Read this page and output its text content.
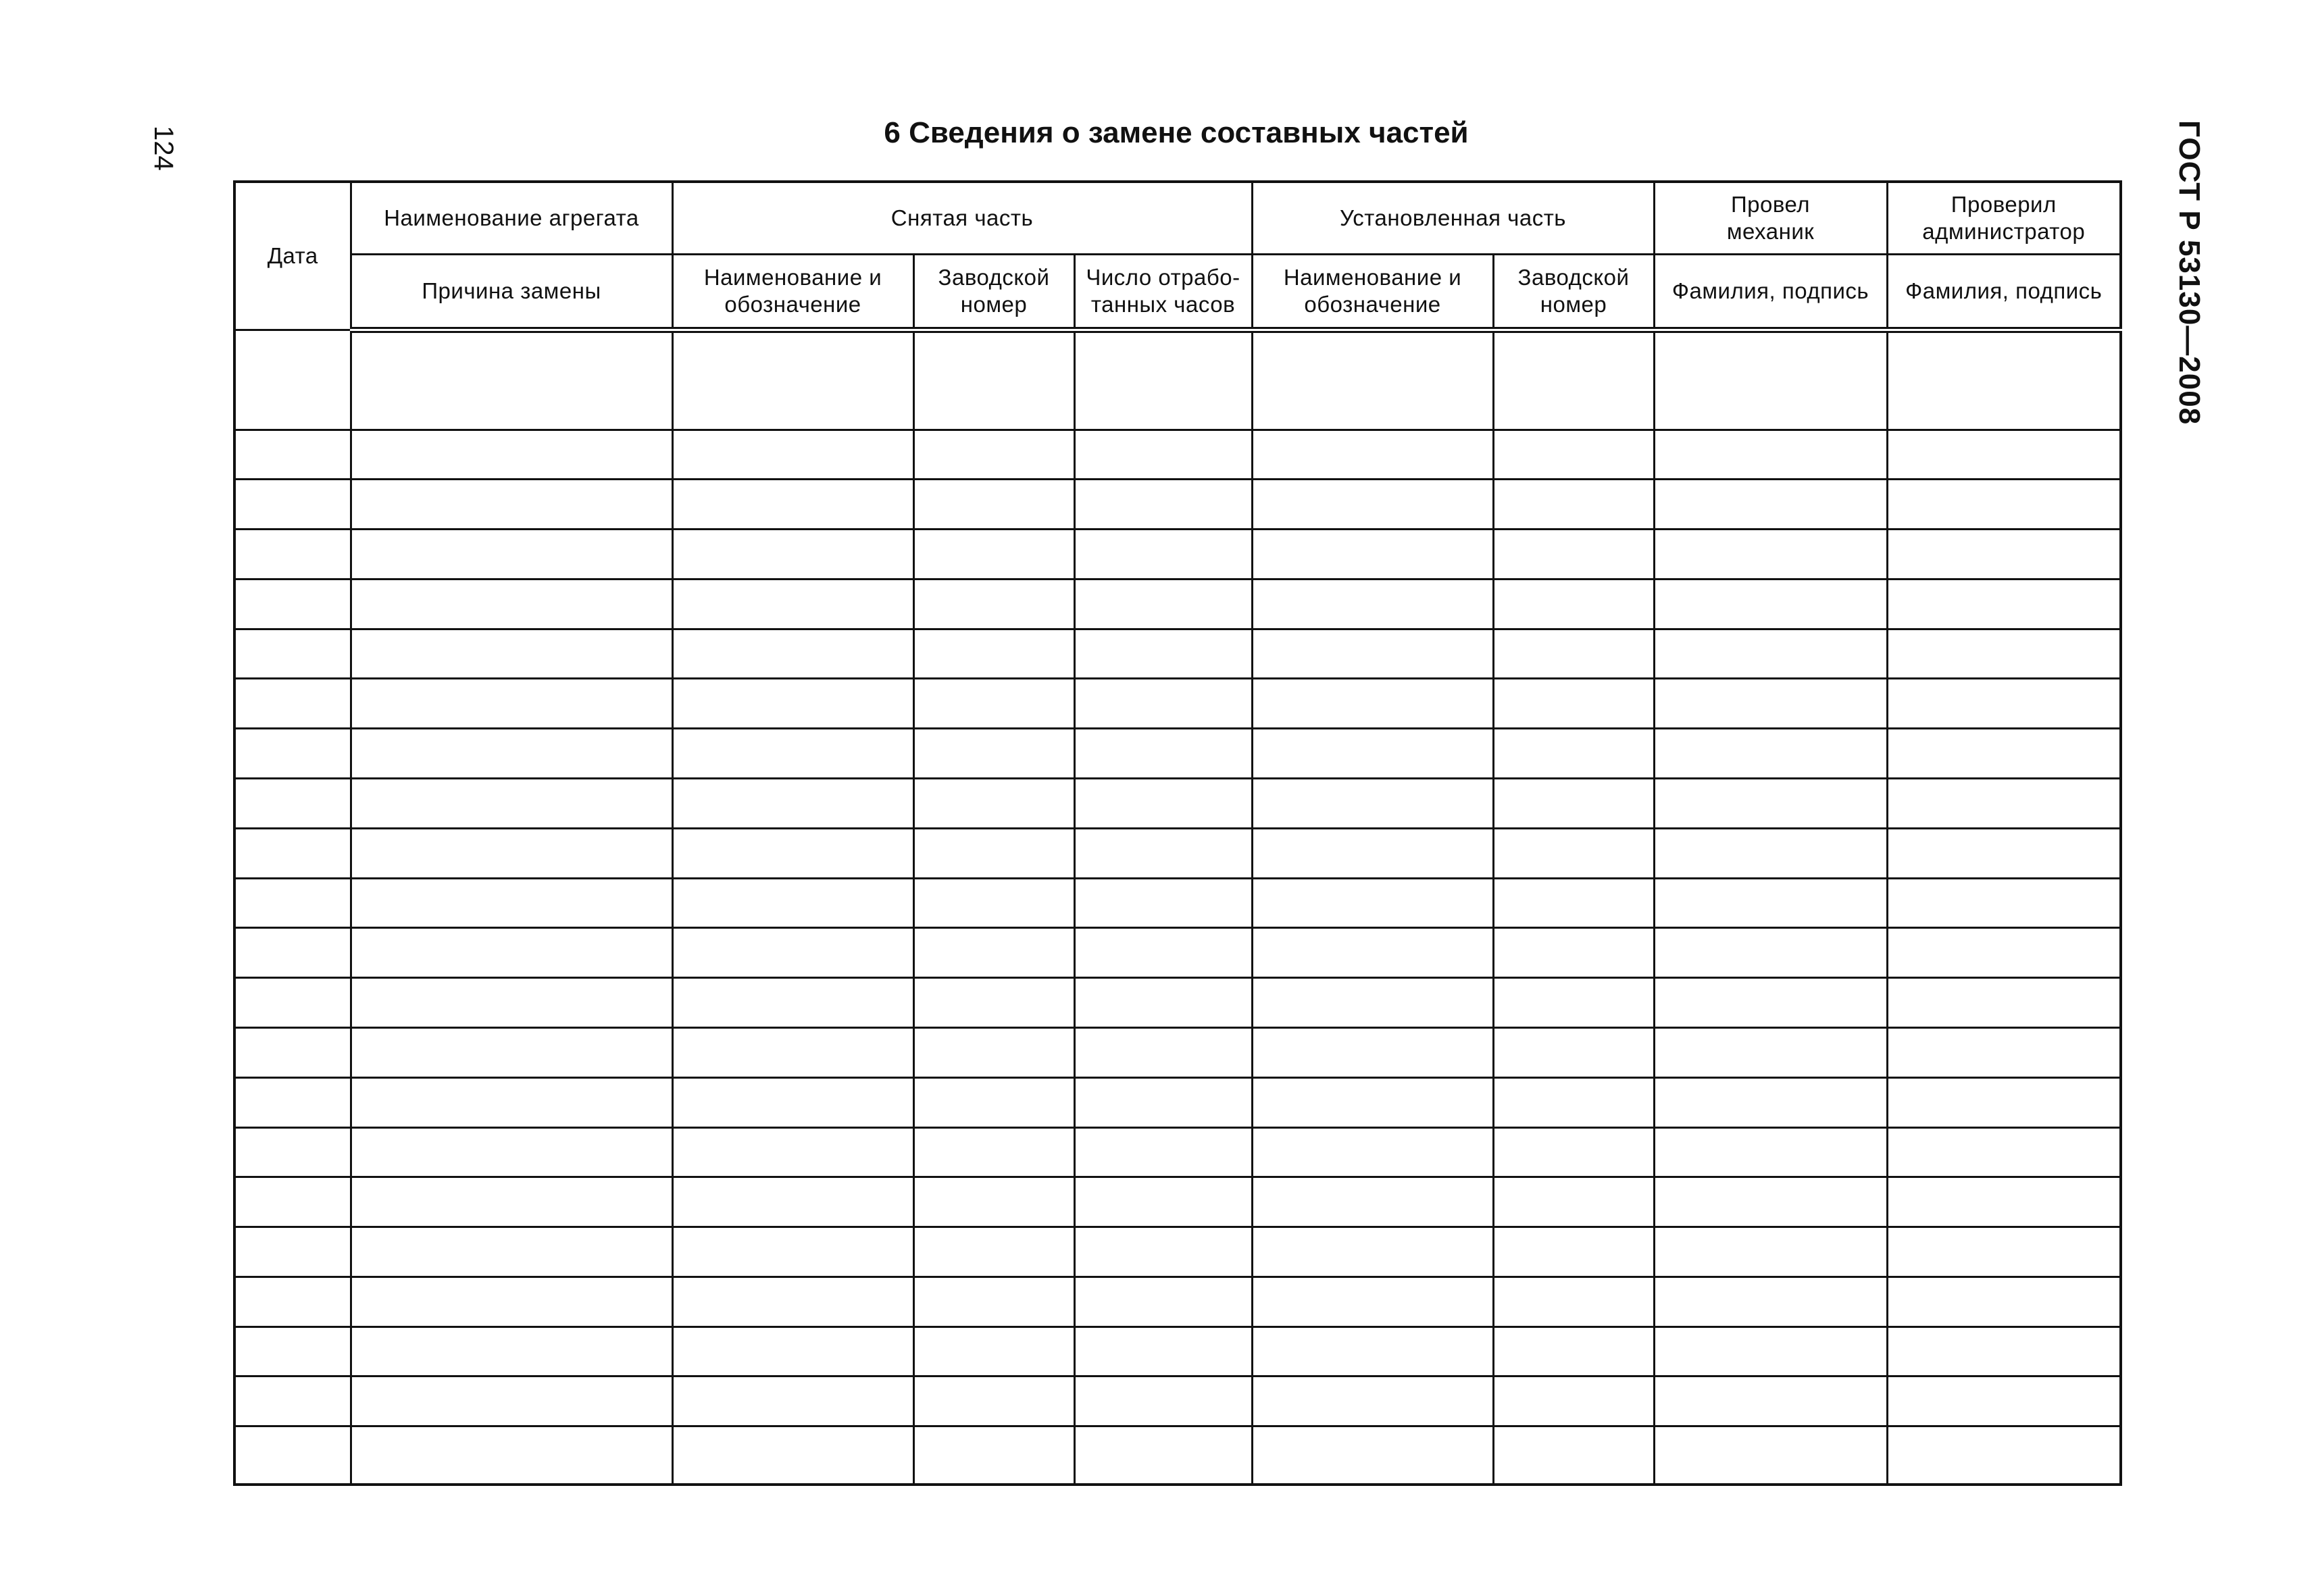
124	ГОСТ Р 53130—2008
6 Сведения о замене составных частей
Дата	Наименование агрегата	Снятая часть			Установленная часть		Провел механик	Проверил администратор
	Причина замены	Наименование и обозначение	Заводской номер	Число отрабо- танных часов	Наименование и обозначение	Заводской номер	Фамилия, подпись	Фамилия, подпись
